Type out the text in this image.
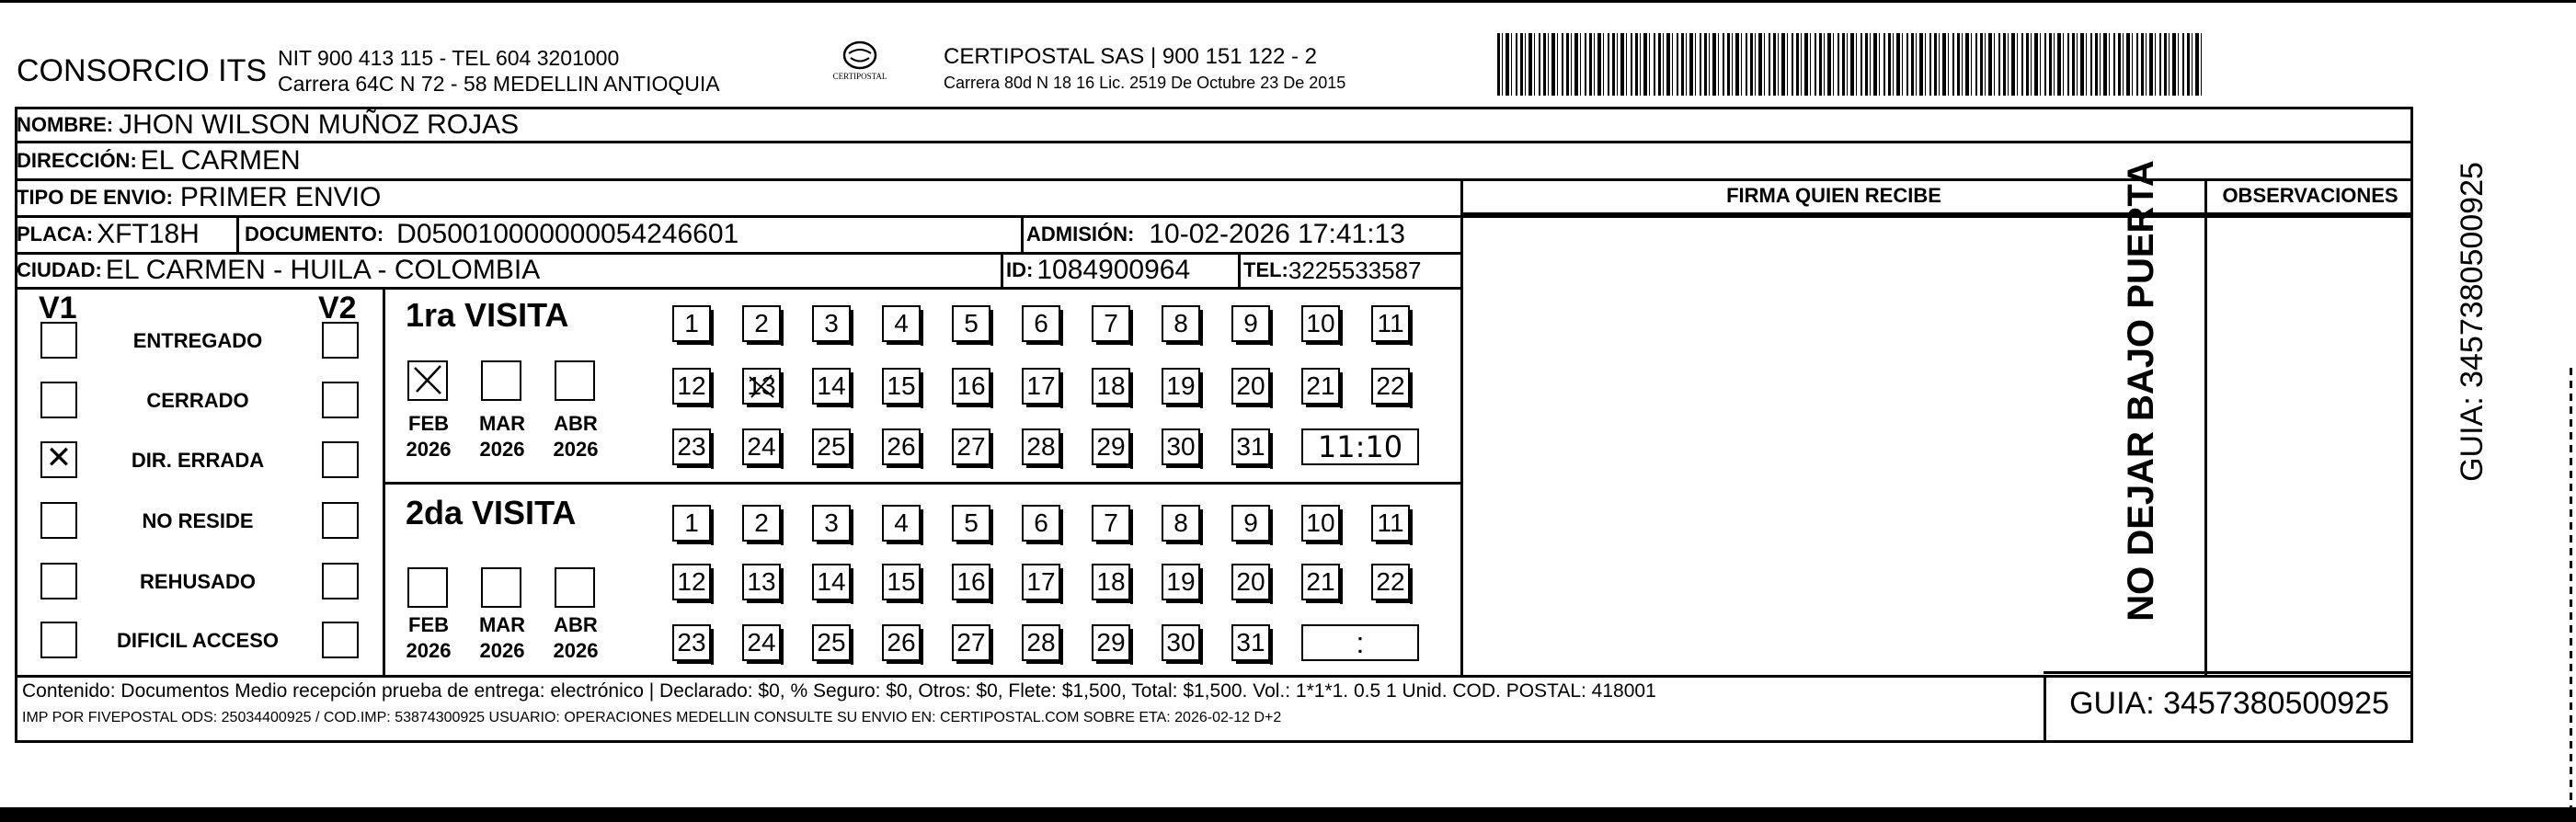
CONSORCIO ITS NIT 900 413 115 - TEL 604 3201000
Carrera 64C N 72 - 58 MEDELLIN ANTIOQUIA	CERTIPOSTAL
CERTIPOSTAL SAS | 900 151 122 - 2
Carrera 80d N 18 16 Lic. 2519 De Octubre 23 De 2015
NOMBRE: JHON WILSON MUÑOZ ROJAS
DIRECCIÓN: EL CARMEN
TIPO DE ENVIO: PRIMER ENVIO
PLACA: XFT18H DOCUMENTO: D050010000000054246601	ADMISIÓN: 10-02-2026 17:41:13
CIUDAD: EL CARMEN - HUILA - COLOMBIA	ID: 1084900964	TEL: 3225533587
FIRMA QUIEN RECIBE	OBSERVACIONES
V1	V2
ENTREGADO
CERRADO
✕	DIR. ERRADA
NO RESIDE
REHUSADO
DIFICIL ACCESO
1ra VISITA
FEB
2026
MAR
2026
ABR
2026
1 2 3 4 5 6 7 8 9 10 11
12 13 14 15 16 17 18 19 20 21 22
23 24 25 26 27 28 29 30 31 11:10
2da VISITA
FEB
2026
MAR
2026
ABR
2026
1 2 3 4 5 6 7 8 9 10 11
12 13 14 15 16 17 18 19 20 21 22
23 24 25 26 27 28 29 30 31	:
Contenido: Documentos Medio recepción prueba de entrega: electrónico | Declarado: $0, % Seguro: $0, Otros: $0, Flete: $1,500, Total: $1,500. Vol.: 1*1*1. 0.5 1 Unid. COD. POSTAL: 418001
IMP POR FIVEPOSTAL ODS: 25034400925 / COD.IMP: 53874300925 USUARIO: OPERACIONES MEDELLIN CONSULTE SU ENVIO EN: CERTIPOSTAL.COM SOBRE ETA: 2026-02-12 D+2	GUIA: 3457380500925
NO DEJAR BAJO PUERTA	GUIA: 3457380500925
